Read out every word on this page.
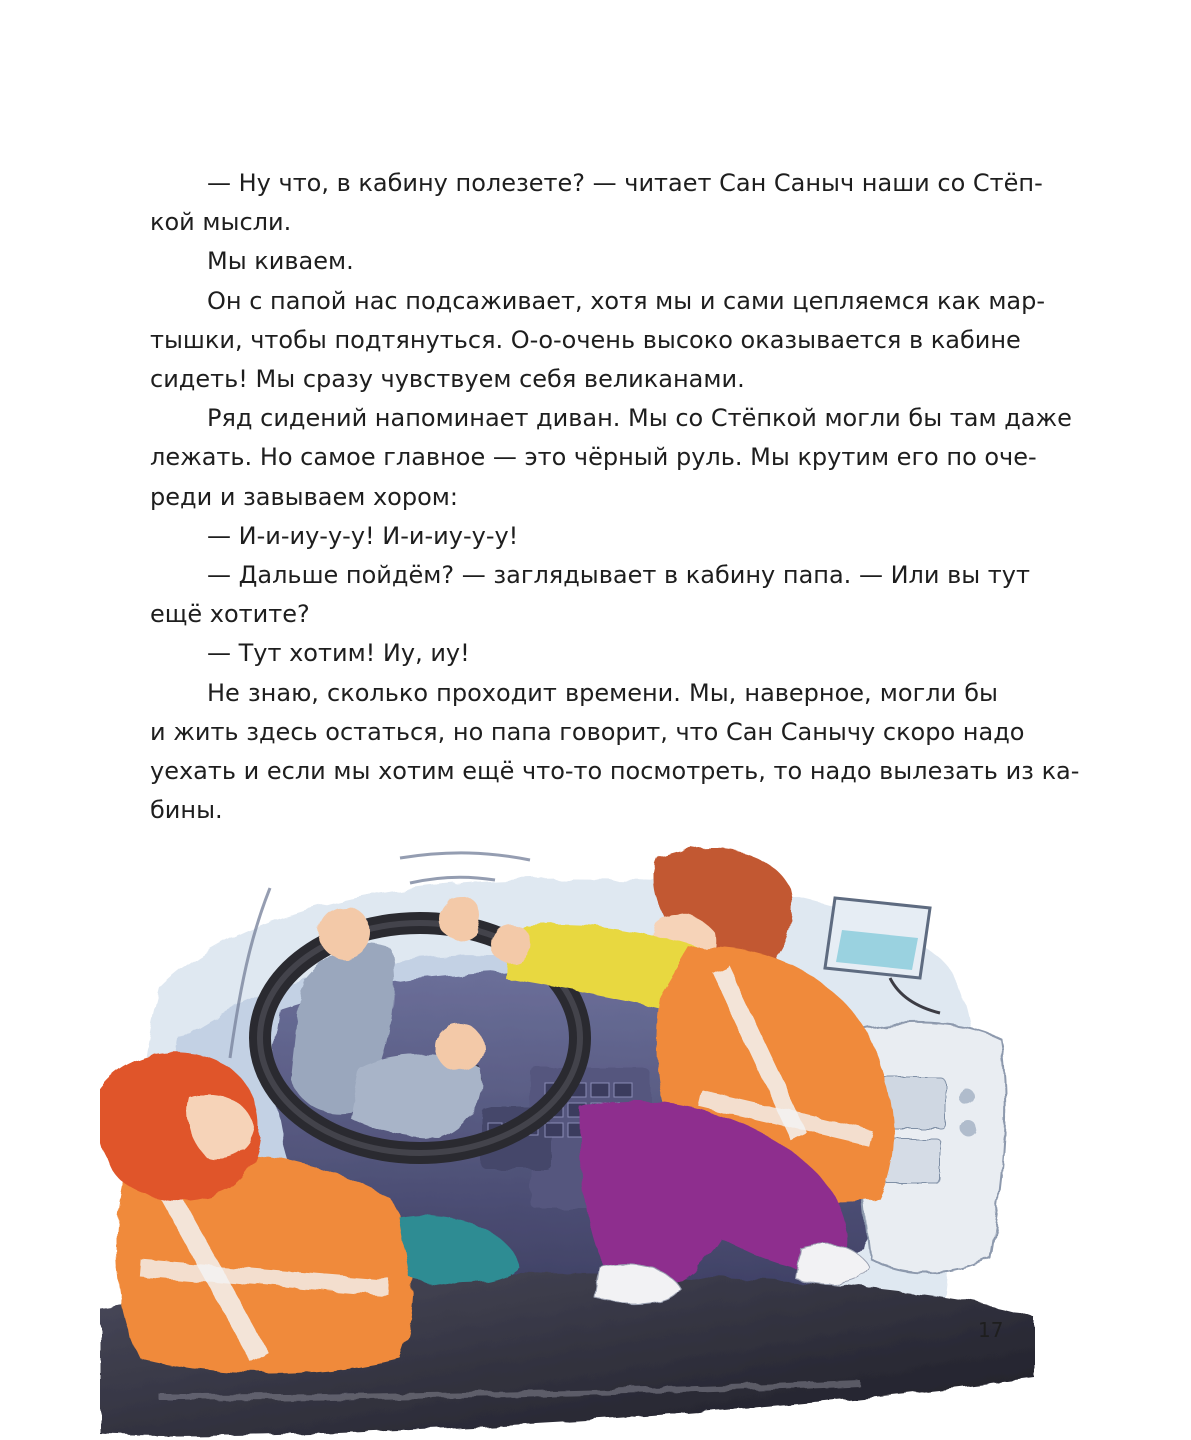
— Ну что, в кабину полезете? — читает Сан Саныч наши со Стёп-
кой мысли.

Мы киваем.

Он с папой нас подсаживает, хотя мы и сами цепляемся как мар-
тышки, чтобы подтянуться. О-о-очень высоко оказывается в кабине
сидеть! Мы сразу чувствуем себя великанами.

Ряд сидений напоминает диван. Мы со Стёпкой могли бы там даже
лежать. Но самое главное — это чёрный руль. Мы крутим его по оче-
реди и завываем хором:

— И-и-иу-у-у! И-и-иу-у-у!

— Дальше пойдём? — заглядывает в кабину папа. — Или вы тут
ещё хотите?

— Тут хотим! Иу, иу!

Не знаю, сколько проходит времени. Мы, наверное, могли бы
и жить здесь остаться, но папа говорит, что Сан Санычу скоро надо
уехать и если мы хотим ещё что-то посмотреть, то надо вылезать из ка-
бины.

17
